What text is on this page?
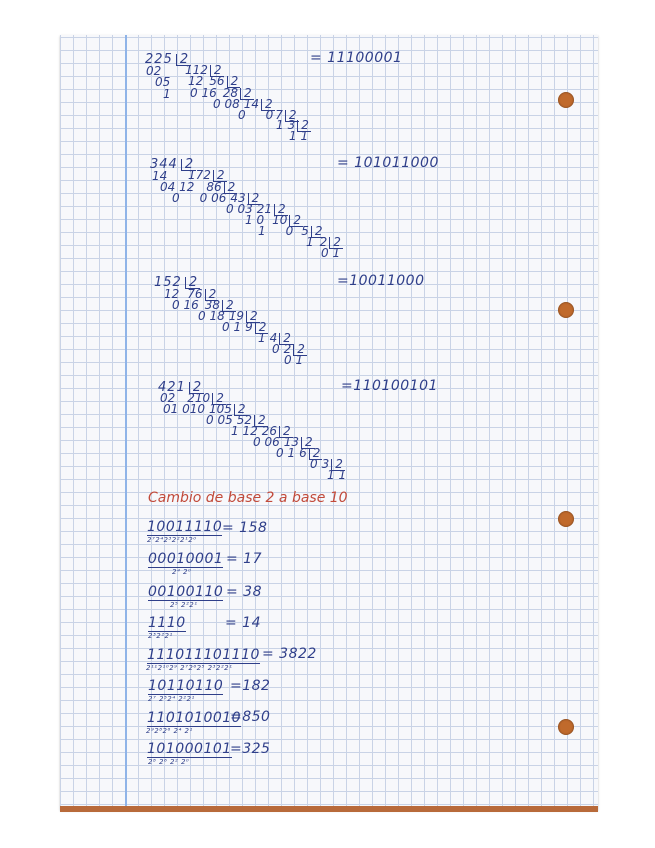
225 2	= 11100001
02 112 2
05 12 56 2
1 0 16 28 2
0 08 14 2
0 0 7 2
1 3 2
1 1
344 2	= 101011000
14 172 2
04 12 86 2
0 0 06 43 2
0 03 21 2
1 0 10 2
1 0 5 2
1 2 2
0 1
152 2	=10011000
12 76 2
0 16 38 2
0 18 19 2
0 1 9 2
1 4 2
0 2 2
0 1
421 2	=110100101
02 210 2
01 010 105 2
0 05 52 2
1 12 26 2
0 06 13 2
0 1 6 2
0 3 2
1 1
Cambio de base 2 a base 10
10011110
2⁷2⁴2³2²2¹2⁰
= 158
00010001
2⁴ 2⁰
= 17
00100110
2⁵ 2²2¹
= 38
1110
2³2²2¹
= 14
111011101110
2¹¹2¹⁰2⁹ 2⁷2⁶2⁵ 2³2²2¹
= 3822
10110110
2⁷ 2⁵2⁴ 2²2¹
=182
1101010010
2⁹2⁸2⁶ 2⁴ 2¹
=850
101000101
2⁸ 2⁶ 2² 2⁰
=325
